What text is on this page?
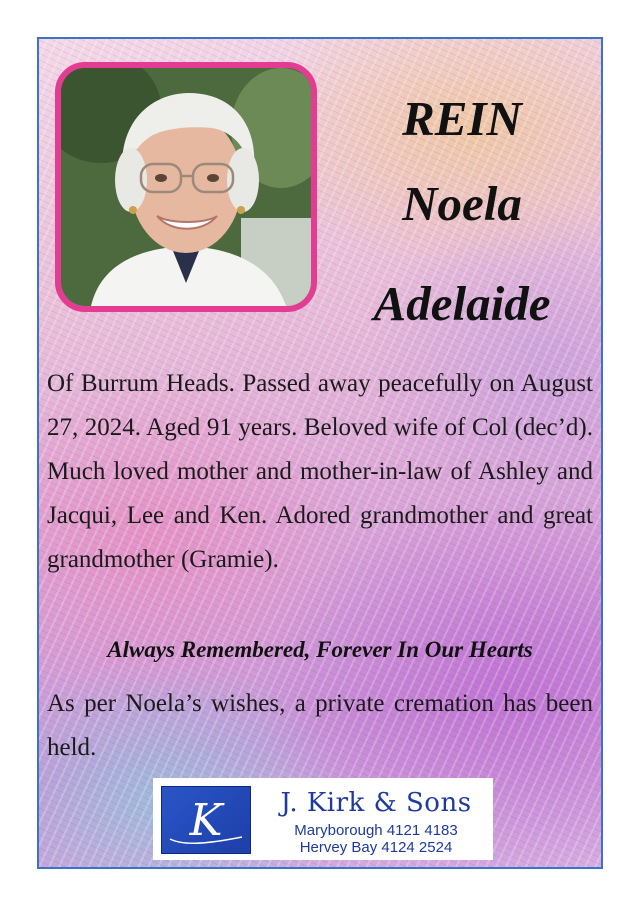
REIN
Noela
Adelaide
Of Burrum Heads. Passed away peacefully on August 27, 2024. Aged 91 years. Beloved wife of Col (dec’d). Much loved mother and mother-in-law of Ashley and Jacqui, Lee and Ken. Adored grandmother and great grandmother (Gramie).
Always Remembered, Forever In Our Hearts
As per Noela’s wishes, a private cremation has been held.
K	J. Kirk & Sons
Maryborough 4121 4183
Hervey Bay 4124 2524
